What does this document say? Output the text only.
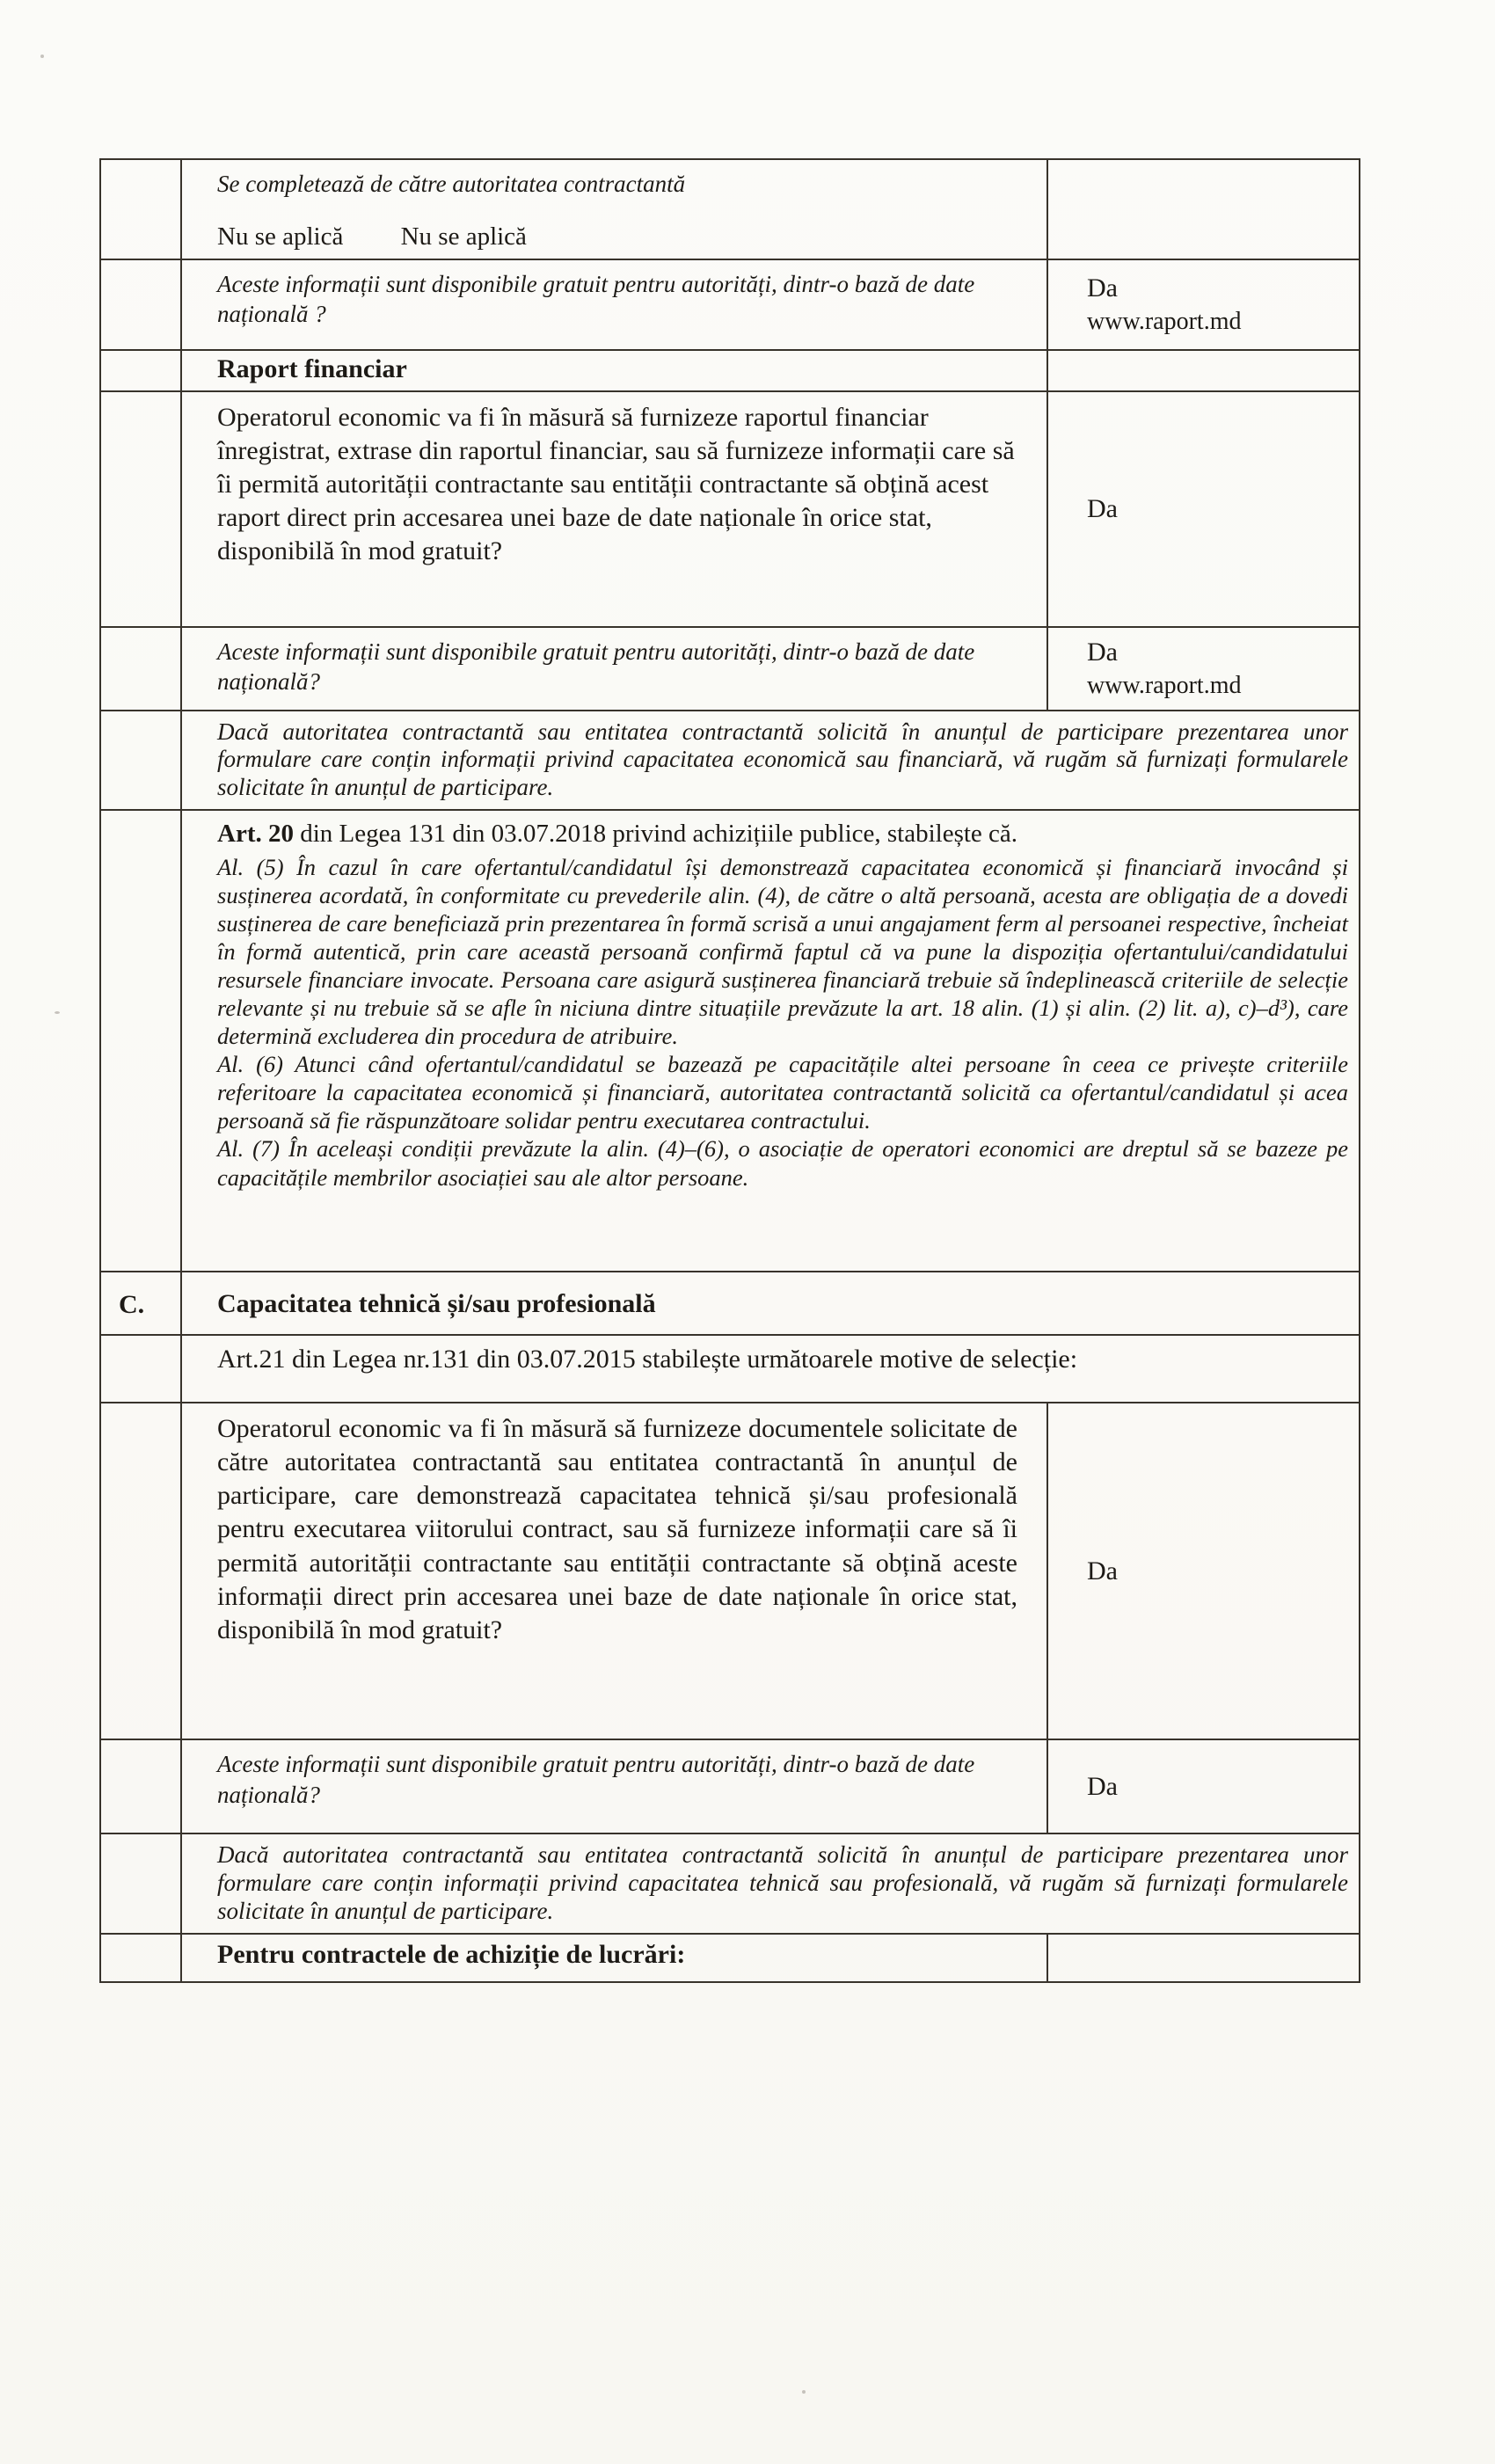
	Se completează de către autoritatea contractantă

Nu se aplică Nu se aplică	

	Aceste informații sunt disponibile gratuit pentru autorități, dintr-o bază de date națională ?	Da
www.raport.md

	Raport financiar	

	Operatorul economic va fi în măsură să furnizeze raportul financiar înregistrat, extrase din raportul financiar, sau să furnizeze informații care să îi permită autorității contractante sau entității contractante să obțină acest raport direct prin accesarea unei baze de date naționale în orice stat, disponibilă în mod gratuit?	Da

	Aceste informații sunt disponibile gratuit pentru autorități, dintr-o bază de date națională?	Da
www.raport.md

	Dacă autoritatea contractantă sau entitatea contractantă solicită în anunțul de participare prezentarea unor formulare care conțin informații privind capacitatea economică sau financiară, vă rugăm să furnizați formularele solicitate în anunțul de participare.	

	Art. 20 din Legea 131 din 03.07.2018 privind achizițiile publice, stabilește că.

Al. (5) În cazul în care ofertantul/candidatul își demonstrează capacitatea economică și financiară invocând și susținerea acordată, în conformitate cu prevederile alin. (4), de către o altă persoană, acesta are obligația de a dovedi susținerea de care beneficiază prin prezentarea în formă scrisă a unui angajament ferm al persoanei respective, încheiat în formă autentică, prin care această persoană confirmă faptul că va pune la dispoziția ofertantului/candidatului resursele financiare invocate. Persoana care asigură susținerea financiară trebuie să îndeplinească criteriile de selecție relevante și nu trebuie să se afle în niciuna dintre situațiile prevăzute la art. 18 alin. (1) și alin. (2) lit. a), c)–d³), care determină excluderea din procedura de atribuire.

Al. (6) Atunci când ofertantul/candidatul se bazează pe capacitățile altei persoane în ceea ce privește criteriile referitoare la capacitatea economică și financiară, autoritatea contractantă solicită ca ofertantul/candidatul și acea persoană să fie răspunzătoare solidar pentru executarea contractului.

Al. (7) În aceleași condiții prevăzute la alin. (4)–(6), o asociație de operatori economici are dreptul să se bazeze pe capacitățile membrilor asociației sau ale altor persoane.	

C.	Capacitatea tehnică și/sau profesională	

	Art.21 din Legea nr.131 din 03.07.2015 stabilește următoarele motive de selecție:	

	Operatorul economic va fi în măsură să furnizeze documentele solicitate de către autoritatea contractantă sau entitatea contractantă în anunțul de participare, care demonstrează capacitatea tehnică și/sau profesională pentru executarea viitorului contract, sau să furnizeze informații care să îi permită autorității contractante sau entității contractante să obțină aceste informații direct prin accesarea unei baze de date naționale în orice stat, disponibilă în mod gratuit?	Da

	Aceste informații sunt disponibile gratuit pentru autorități, dintr-o bază de date națională?	Da

	Dacă autoritatea contractantă sau entitatea contractantă solicită în anunțul de participare prezentarea unor formulare care conțin informații privind capacitatea tehnică sau profesională, vă rugăm să furnizați formularele solicitate în anunțul de participare.	

	Pentru contractele de achiziție de lucrări:	
